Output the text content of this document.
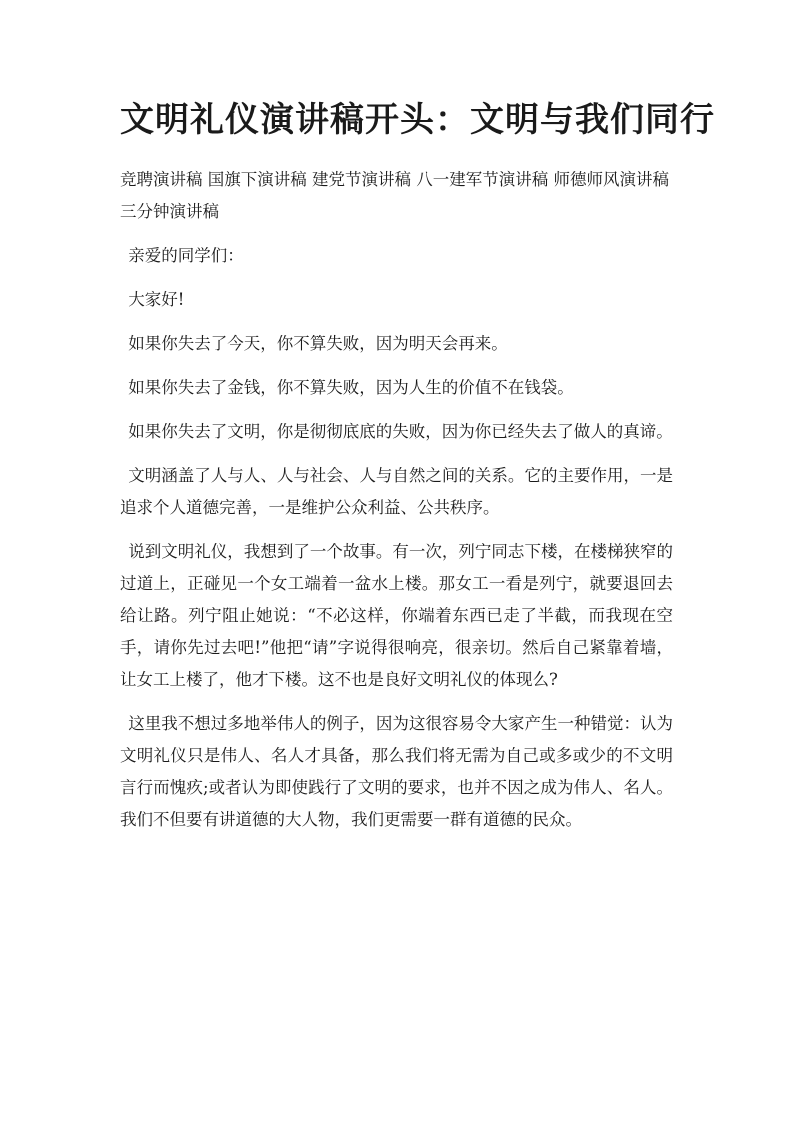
文明礼仪演讲稿开头：文明与我们同行
竞聘演讲稿 国旗下演讲稿 建党节演讲稿 八一建军节演讲稿 师德师风演讲稿 三分钟演讲稿
亲爱的同学们：
大家好!
如果你失去了今天，你不算失败，因为明天会再来。
如果你失去了金钱，你不算失败，因为人生的价值不在钱袋。
如果你失去了文明，你是彻彻底底的失败，因为你已经失去了做人的真谛。
文明涵盖了人与人、人与社会、人与自然之间的关系。它的主要作用，一是追求个人道德完善，一是维护公众利益、公共秩序。
说到文明礼仪，我想到了一个故事。有一次，列宁同志下楼，在楼梯狭窄的过道上，正碰见一个女工端着一盆水上楼。那女工一看是列宁，就要退回去给让路。列宁阻止她说：“不必这样，你端着东西已走了半截，而我现在空手，请你先过去吧!”他把“请”字说得很响亮，很亲切。然后自己紧靠着墙，让女工上楼了，他才下楼。这不也是良好文明礼仪的体现么?
这里我不想过多地举伟人的例子，因为这很容易令大家产生一种错觉：认为文明礼仪只是伟人、名人才具备，那么我们将无需为自己或多或少的不文明言行而愧疚;或者认为即使践行了文明的要求，也并不因之成为伟人、名人。我们不但要有讲道德的大人物，我们更需要一群有道德的民众。
